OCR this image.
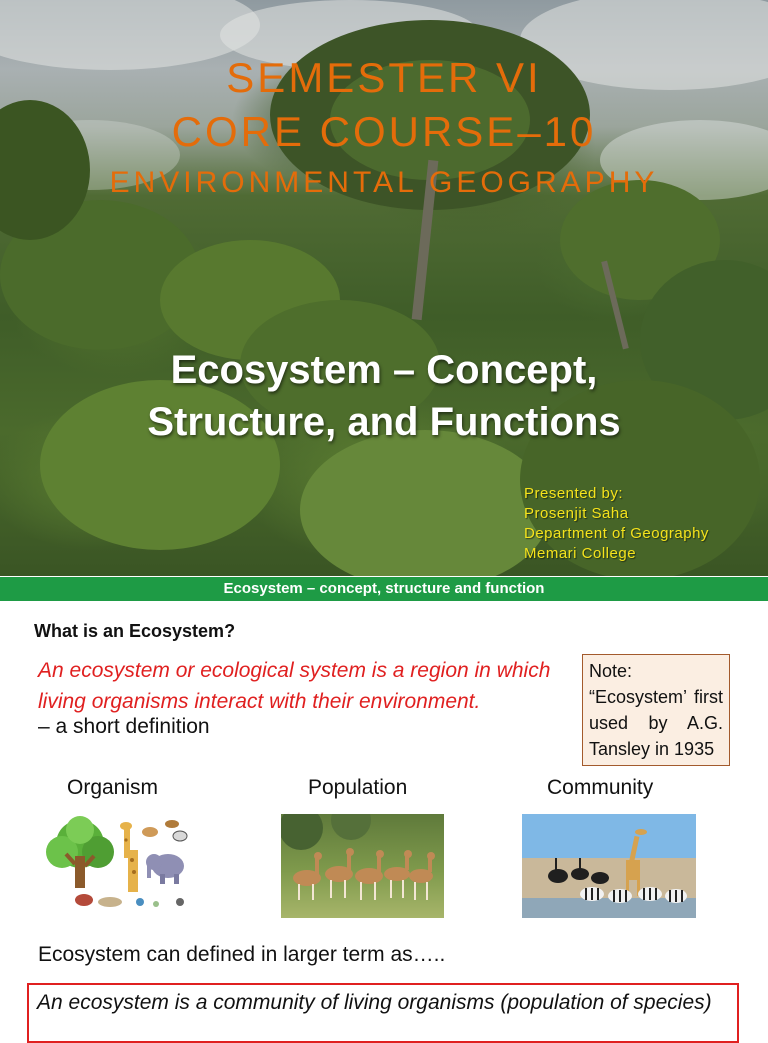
SEMESTER VI
CORE COURSE–10
ENVIRONMENTAL GEOGRAPHY
Ecosystem – Concept,
Structure, and Functions
Presented by:
Prosenjit Saha
Department of Geography
Memari College
Ecosystem – concept, structure and function
What is an Ecosystem?
An ecosystem or ecological system is a region in which living organisms interact with their environment.
– a short definition
Note:
“Ecosystem’ first used by A.G. Tansley in 1935
Organism	Population	Community
Ecosystem can defined in larger term as…..
An ecosystem is a community of living organisms (population of species)
